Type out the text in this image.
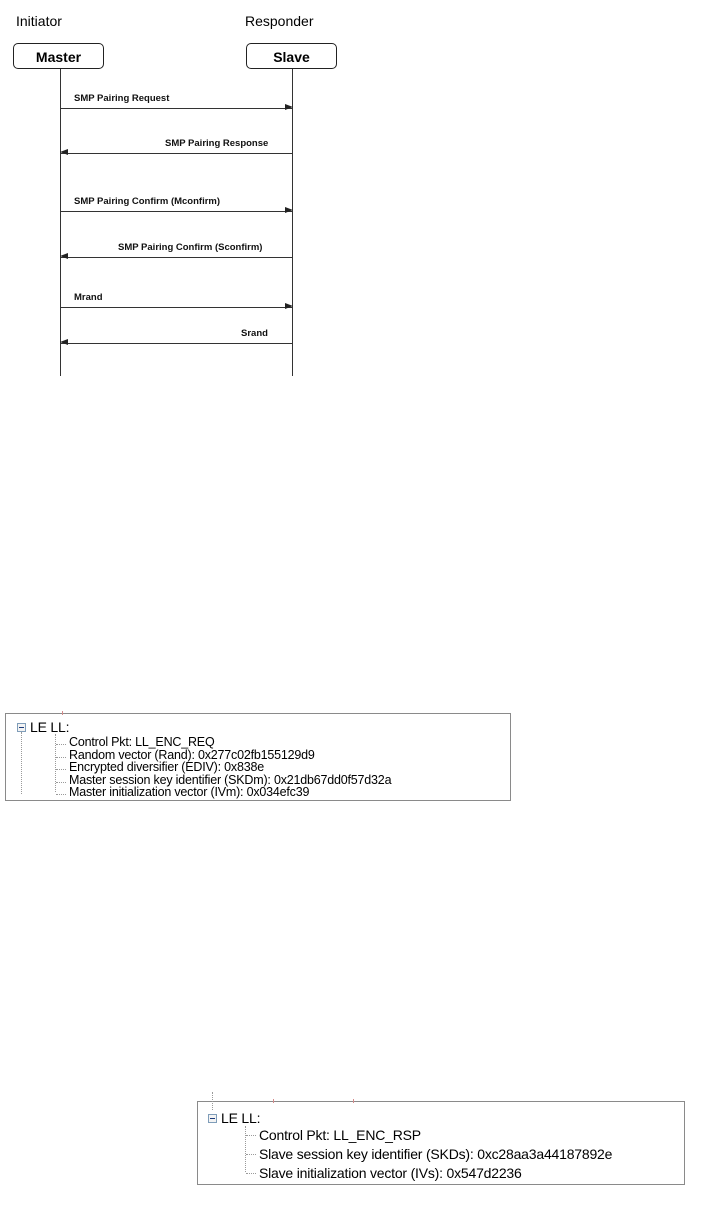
Initiator
Master
Responder
Slave
SMP Pairing Request
SMP Pairing Response
SMP Pairing Confirm (Mconfirm)
SMP Pairing Confirm (Sconfirm)
Mrand
Srand
LE LL:
Control Pkt: LL_ENC_REQ
Random vector (Rand): 0x277c02fb155129d9
Encrypted diversifier (EDIV): 0x838e
Master session key identifier (SKDm): 0x21db67dd0f57d32a
Master initialization vector (IVm): 0x034efc39
LE LL:
Control Pkt: LL_ENC_RSP
Slave session key identifier (SKDs): 0xc28aa3a44187892e
Slave initialization vector (IVs): 0x547d2236
